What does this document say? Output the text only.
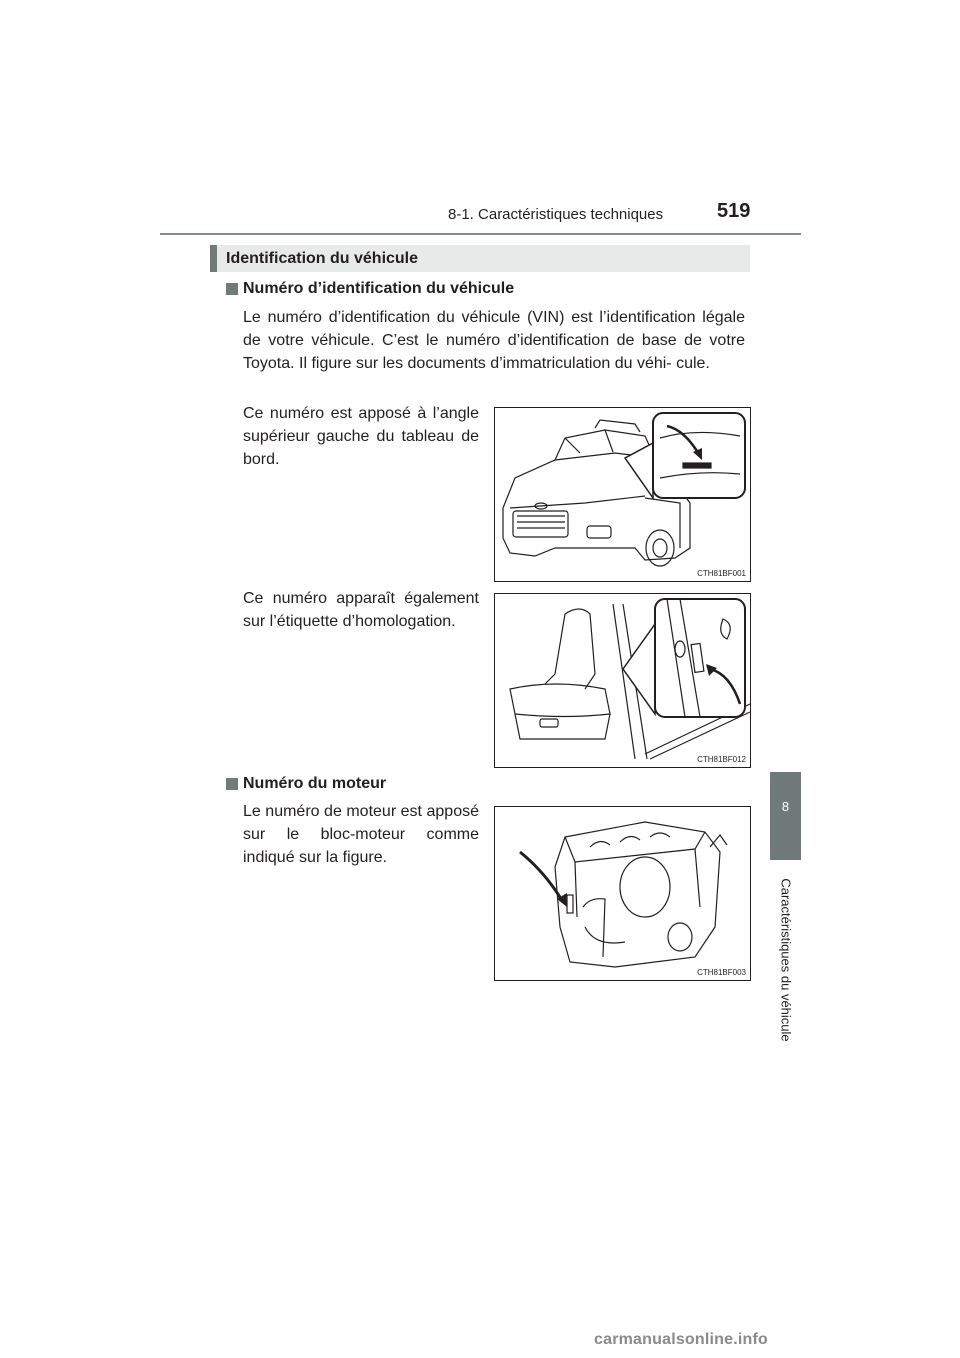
8-1. Caractéristiques techniques	519
8
Caractéristiques du véhicule
Identification du véhicule
Numéro d’identification du véhicule
Le numéro d’identification du véhicule (VIN) est l’identification légale de votre véhicule. C’est le numéro d’identification de base de votre Toyota. Il figure sur les documents d’immatriculation du véhi- cule.
Ce numéro est apposé à l’angle supérieur gauche du tableau de bord.
CTH81BF001
Ce numéro apparaît également sur l’étiquette d’homologation.
CTH81BF012
Numéro du moteur
Le numéro de moteur est apposé sur le bloc-moteur comme indiqué sur la figure.
CTH81BF003
carmanualsonline.info
